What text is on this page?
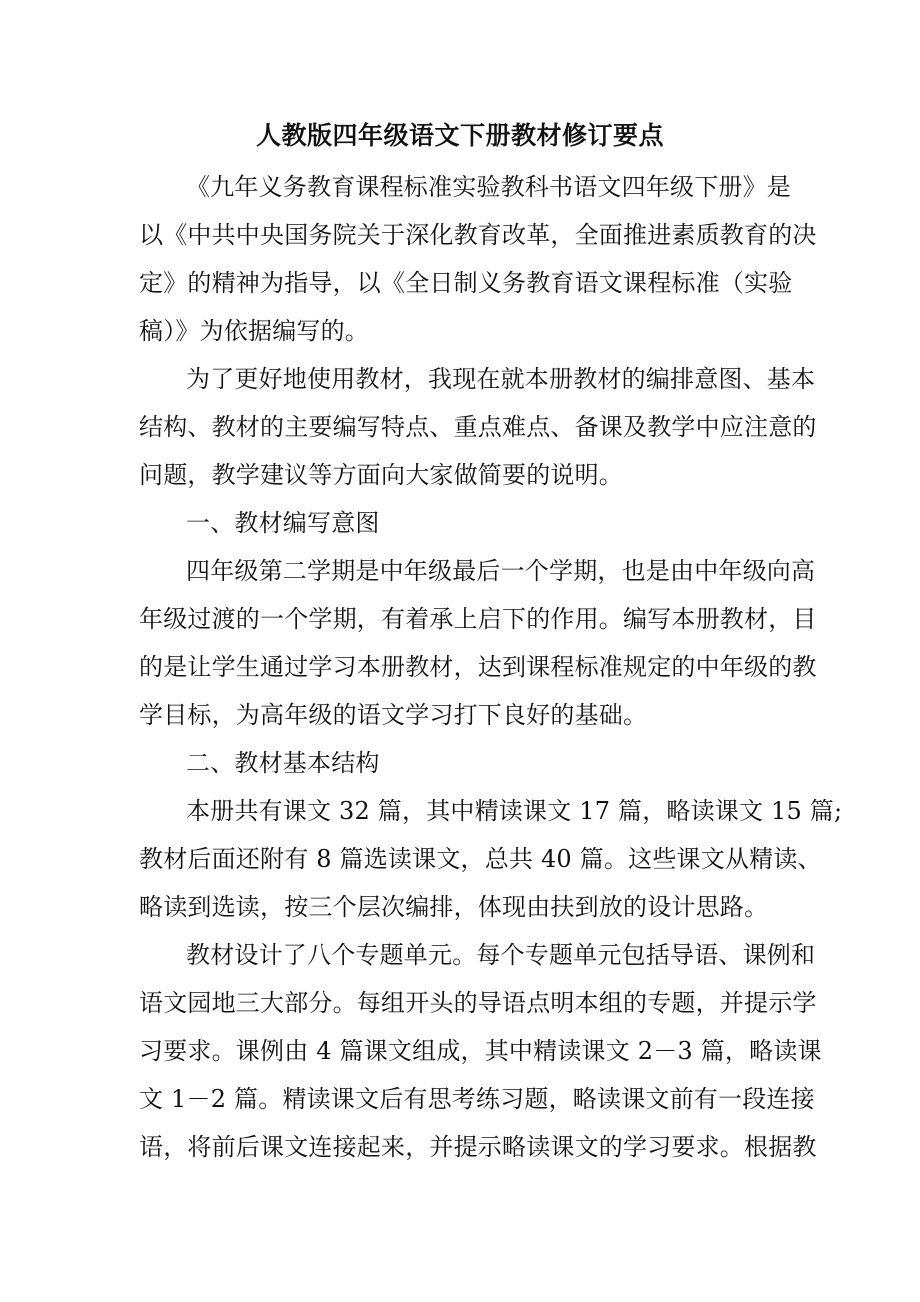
人教版四年级语文下册教材修订要点
《九年义务教育课程标准实验教科书语文四年级下册》是
以《中共中央国务院关于深化教育改革，全面推进素质教育的决
定》的精神为指导，以《全日制义务教育语文课程标准（实验
稿）》为依据编写的。
为了更好地使用教材，我现在就本册教材的编排意图、基本
结构、教材的主要编写特点、重点难点、备课及教学中应注意的
问题，教学建议等方面向大家做简要的说明。
一、教材编写意图
四年级第二学期是中年级最后一个学期，也是由中年级向高
年级过渡的一个学期，有着承上启下的作用。编写本册教材，目
的是让学生通过学习本册教材，达到课程标准规定的中年级的教
学目标，为高年级的语文学习打下良好的基础。
二、教材基本结构
本册共有课文 32 篇，其中精读课文 17 篇，略读课文 15 篇;
教材后面还附有 8 篇选读课文，总共 40 篇。这些课文从精读、
略读到选读，按三个层次编排，体现由扶到放的设计思路。
教材设计了八个专题单元。每个专题单元包括导语、课例和
语文园地三大部分。每组开头的导语点明本组的专题，并提示学
习要求。课例由 4 篇课文组成，其中精读课文 2－3 篇，略读课
文 1－2 篇。精读课文后有思考练习题，略读课文前有一段连接
语，将前后课文连接起来，并提示略读课文的学习要求。根据教
